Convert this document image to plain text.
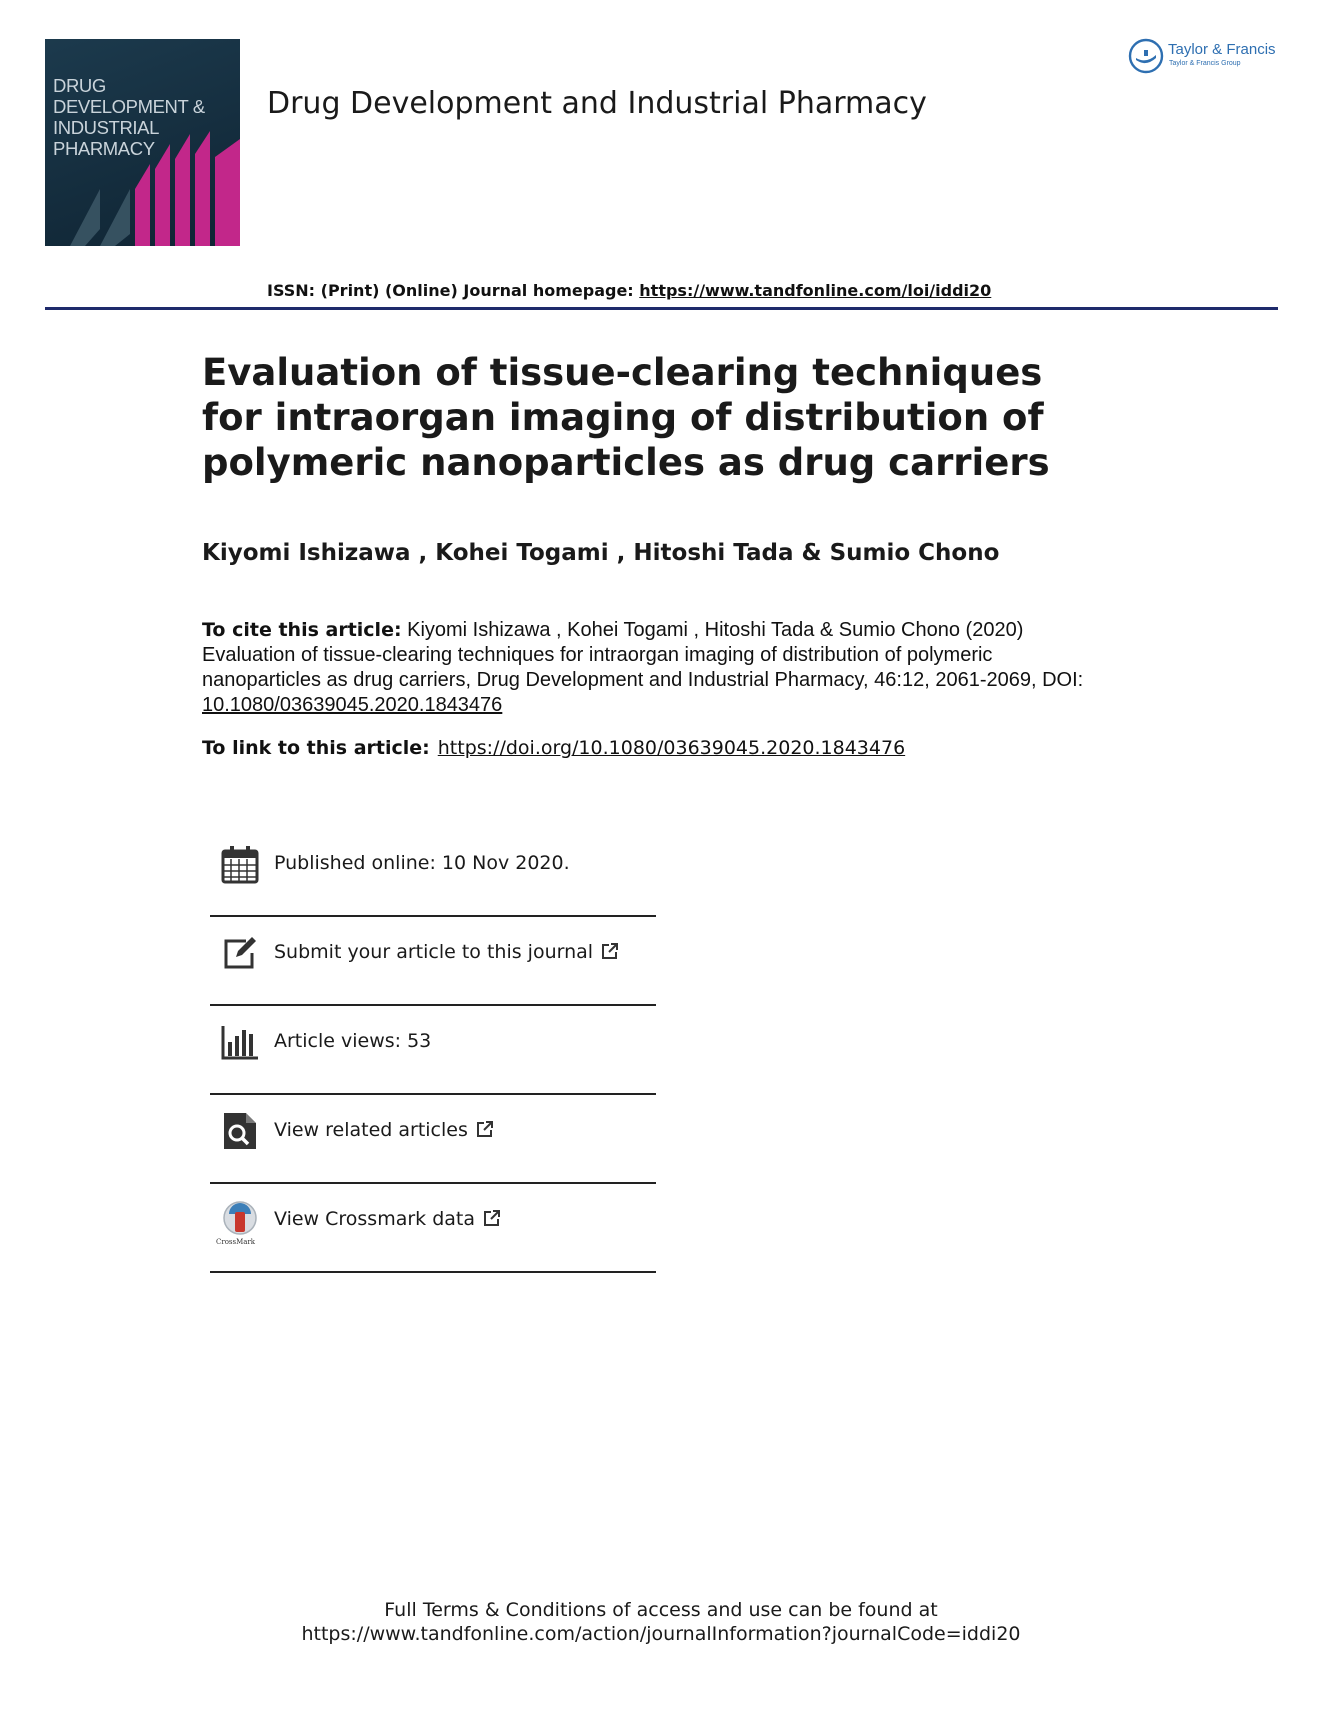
DRUG DEVELOPMENT & INDUSTRIAL PHARMACY
Drug Development and Industrial Pharmacy
Taylor & Francis
Taylor & Francis Group
ISSN: (Print) (Online) Journal homepage: https://www.tandfonline.com/loi/iddi20
Evaluation of tissue-clearing techniques for intraorgan imaging of distribution of polymeric nanoparticles as drug carriers
Kiyomi Ishizawa , Kohei Togami , Hitoshi Tada & Sumio Chono
To cite this article: Kiyomi Ishizawa , Kohei Togami , Hitoshi Tada & Sumio Chono (2020) Evaluation of tissue-clearing techniques for intraorgan imaging of distribution of polymeric nanoparticles as drug carriers, Drug Development and Industrial Pharmacy, 46:12, 2061-2069, DOI: 10.1080/03639045.2020.1843476
To link to this article: https://doi.org/10.1080/03639045.2020.1843476
Published online: 10 Nov 2020.
Submit your article to this journal
Article views: 53
View related articles
CrossMark
View Crossmark data
Full Terms & Conditions of access and use can be found at
https://www.tandfonline.com/action/journalInformation?journalCode=iddi20
